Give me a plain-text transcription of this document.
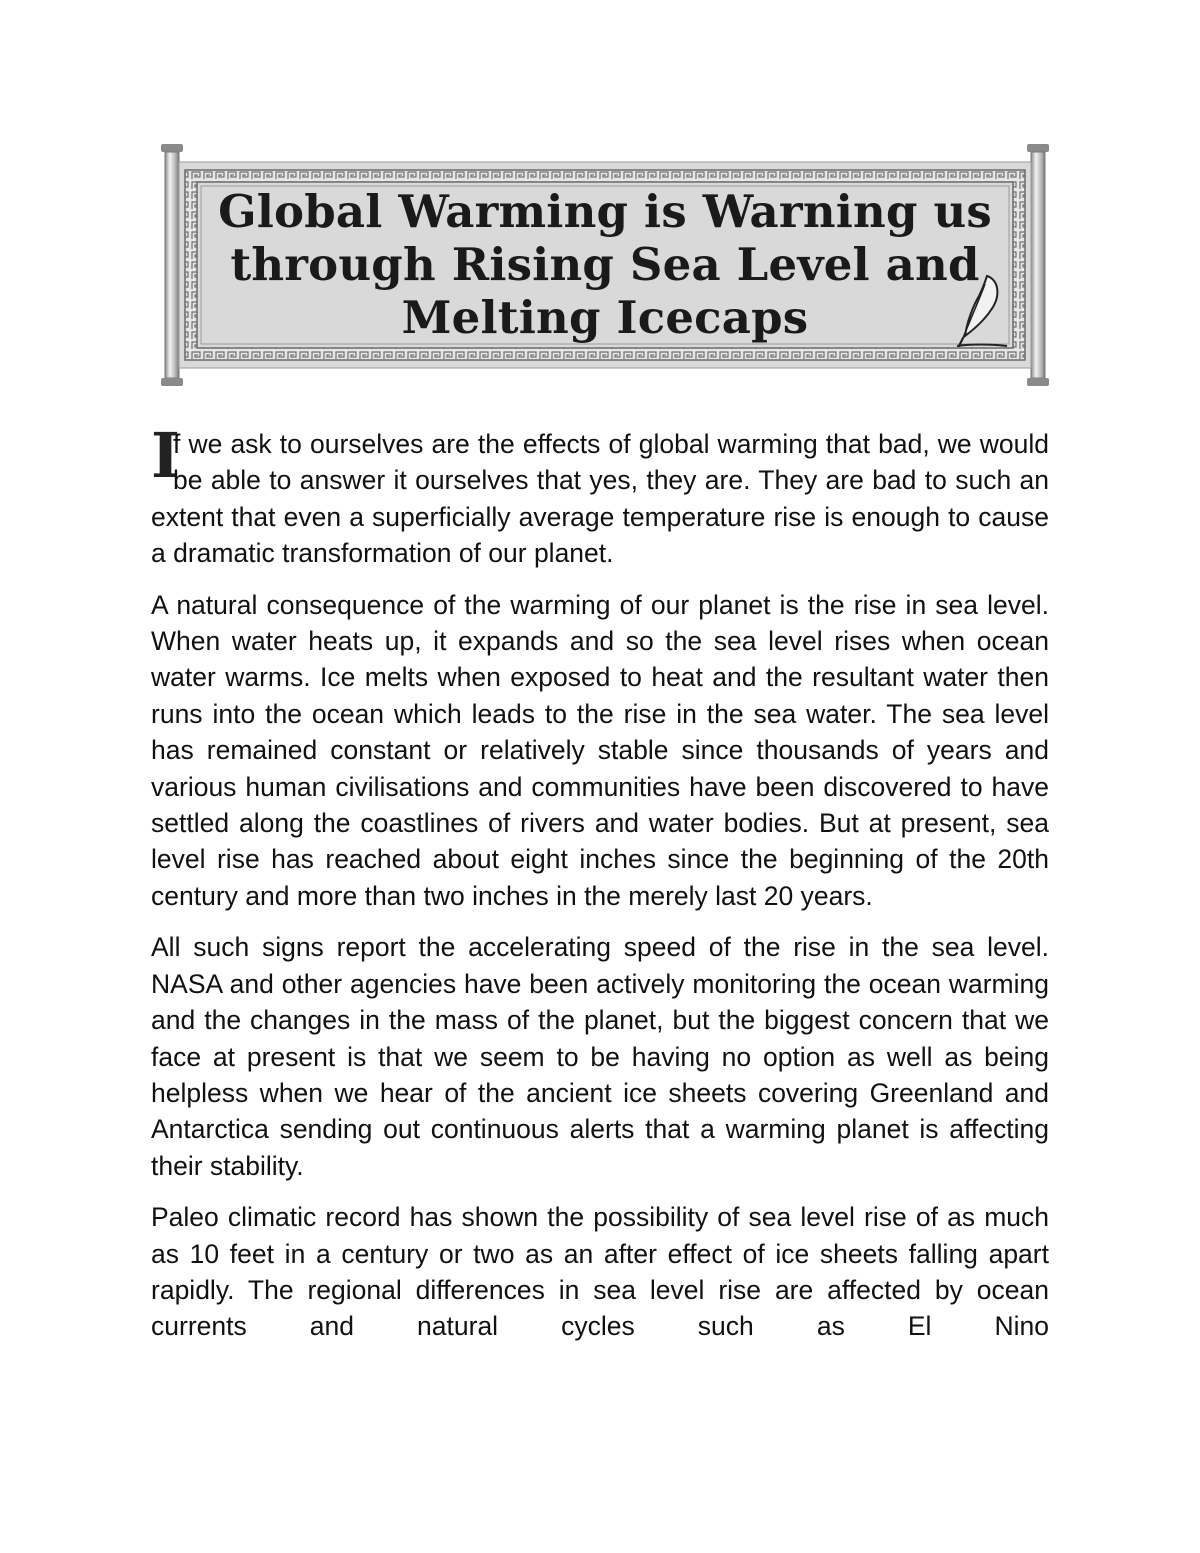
Global Warming is Warning us
through Rising Sea Level and
Melting Icecaps

I
f we ask to ourselves are the effects of global warming that bad, we would be able to answer it ourselves that yes, they are. They are bad to such an extent that even a superficially average temperature rise is enough to cause a dramatic transformation of our planet.

A natural consequence of the warming of our planet is the rise in sea level. When water heats up, it expands and so the sea level rises when ocean water warms. Ice melts when exposed to heat and the resultant water then runs into the ocean which leads to the rise in the sea water. The sea level has remained constant or relatively stable since thousands of years and various human civilisations and communities have been discovered to have settled along the coastlines of rivers and water bodies. But at present, sea level rise has reached about eight inches since the beginning of the 20th century and more than two inches in the merely last 20 years.

All such signs report the accelerating speed of the rise in the sea level. NASA and other agencies have been actively monitoring the ocean warming and the changes in the mass of the planet, but the biggest concern that we face at present is that we seem to be having no option as well as being helpless when we hear of the ancient ice sheets covering Greenland and Antarctica sending out continuous alerts that a warming planet is affecting their stability.

Paleo climatic record has shown the possibility of sea level rise of as much as 10 feet in a century or two as an after effect of ice sheets falling apart rapidly. The regional differences in sea level rise are affected by ocean currents and natural cycles such as El Nino
